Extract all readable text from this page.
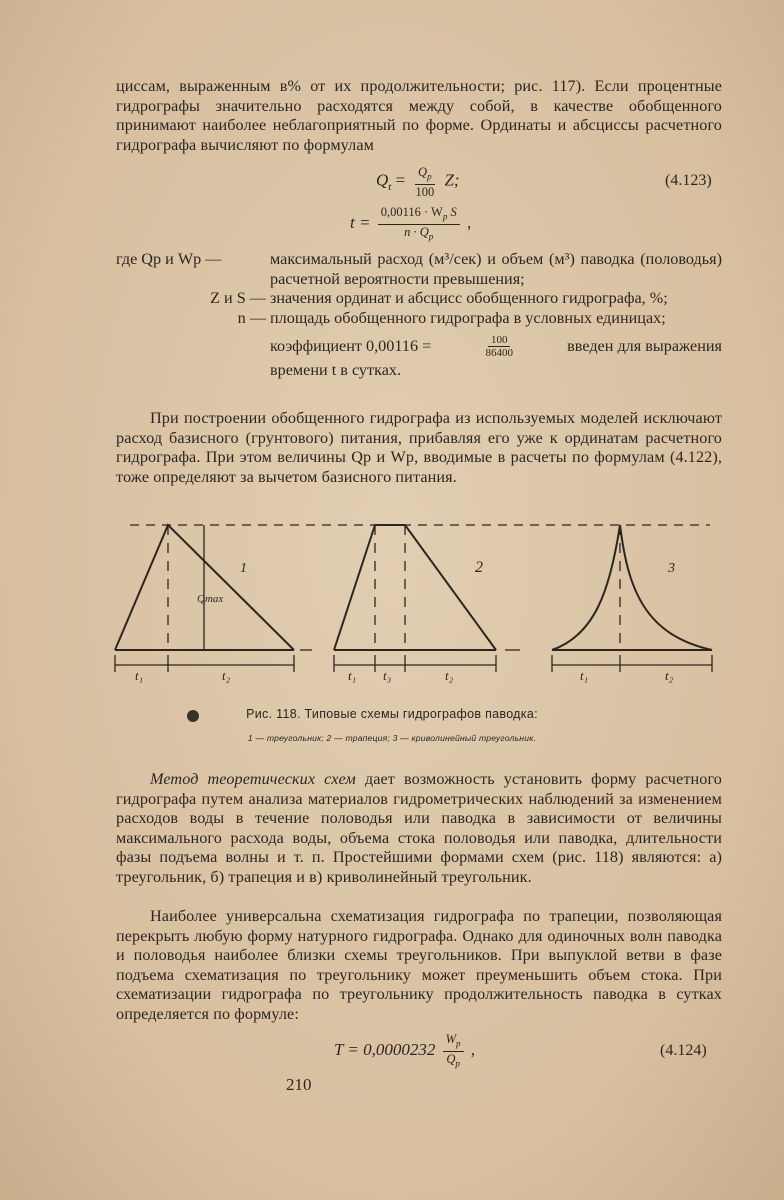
циссам, выраженным в% от их продолжительности; рис. 117). Если процентные гидрографы значительно расходятся между собой, в качестве обобщенного принимают наиболее неблагоприятный по форме. Ординаты и абсциссы расчетного гидрографа вычисляют по формулам

$Q_t = \frac{Q_p}{100} Z$;	(4.123)
$t = \frac{0,00116 \cdot W_p S}{n \cdot Q_p}$ ,
где Qp и Wp —	максимальный расход (м³/сек) и объем (м³) паводка (половодья) расчетной вероятности превышения;
Z и S — значения ординат и абсцисс обобщенного гидрографа, %;
n — площадь обобщенного гидрографа в условных единицах;
коэффициент 0,00116 =	$\frac{100}{86400}$	введен для выражения
времени t в сутках.

При построении обобщенного гидрографа из используемых моделей исключают расход базисного (грунтового) питания, прибавляя его уже к ординатам расчетного гидрографа. При этом величины Qp и Wp, вводимые в расчеты по формулам (4.122), тоже определяют за вычетом базисного питания.

1	2	3
Qmax
t₁	t₂	t₁ t₃	t₂	t₁	t₂
Рис. 118. Типовые схемы гидрографов паводка:
1 — треугольник; 2 — трапеция; 3 — криволинейный треугольник.

Метод теоретических схем дает возможность установить форму расчетного гидрографа путем анализа материалов гидрометрических наблюдений за изменением расходов воды в течение половодья или паводка в зависимости от величины максимального расхода воды, объема стока половодья или паводка, длительности фазы подъема волны и т. п. Простейшими формами схем (рис. 118) являются: а) треугольник, б) трапеция и в) криволинейный треугольник.

Наиболее универсальна схематизация гидрографа по трапеции, позволяющая перекрыть любую форму натурного гидрографа. Однако для одиночных волн паводка и половодья наиболее близки схемы треугольников. При выпуклой ветви в фазе подъема схематизация по треугольнику может преуменьшить объем стока. При схематизации гидрографа по треугольнику продолжительность паводка в сутках определяется по формуле:

$T = 0,0000232 \frac{W_p}{Q_p}$ ,	(4.124)
210
